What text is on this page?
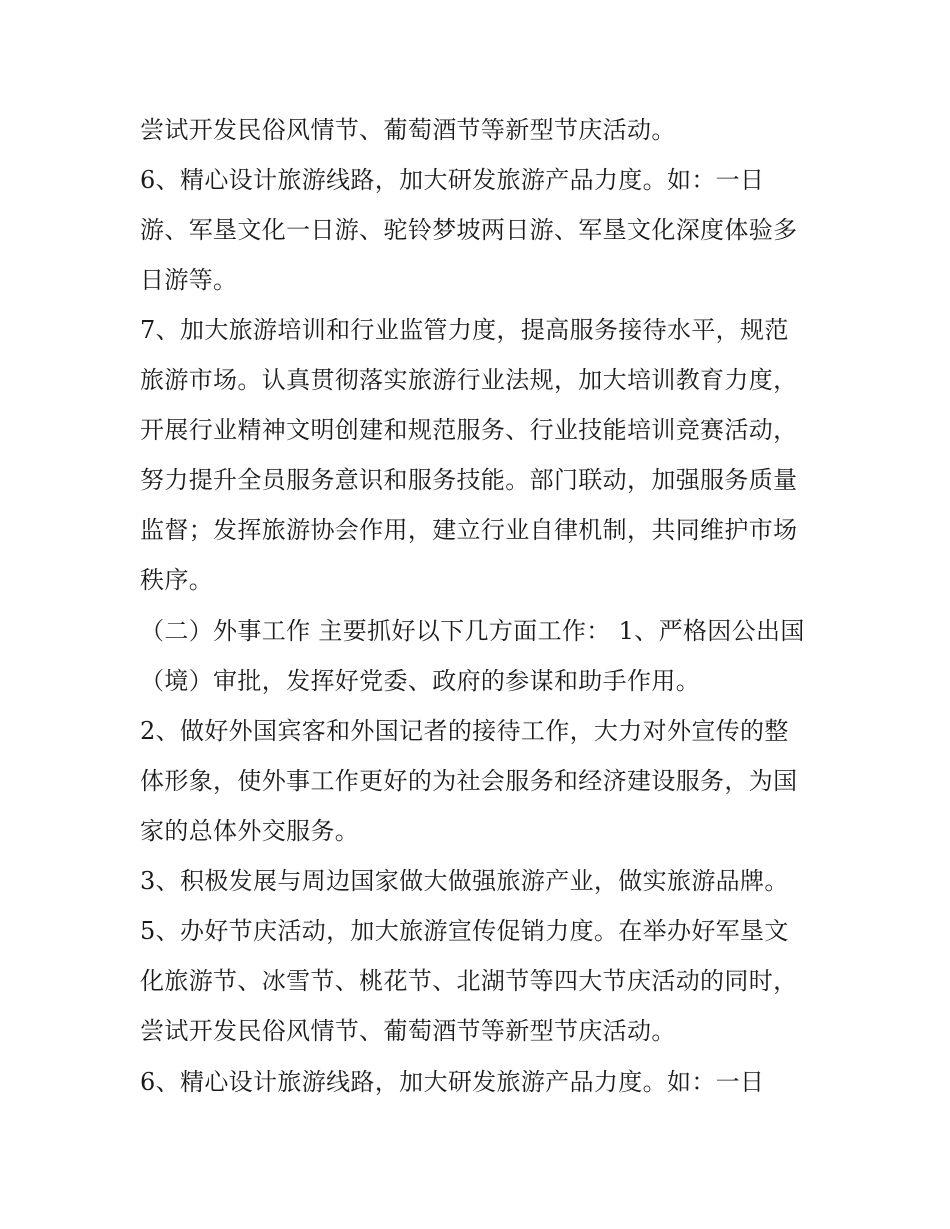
尝试开发民俗风情节、葡萄酒节等新型节庆活动。

6、精心设计旅游线路，加大研发旅游产品力度。如：一日

游、军垦文化一日游、驼铃梦坡两日游、军垦文化深度体验多

日游等。

7、加大旅游培训和行业监管力度，提高服务接待水平，规范

旅游市场。认真贯彻落实旅游行业法规，加大培训教育力度，

开展行业精神文明创建和规范服务、行业技能培训竞赛活动，

努力提升全员服务意识和服务技能。部门联动，加强服务质量

监督；发挥旅游协会作用，建立行业自律机制，共同维护市场

秩序。

（二）外事工作 主要抓好以下几方面工作： 1、严格因公出国

（境）审批，发挥好党委、政府的参谋和助手作用。

2、做好外国宾客和外国记者的接待工作，大力对外宣传的整

体形象，使外事工作更好的为社会服务和经济建设服务，为国

家的总体外交服务。

3、积极发展与周边国家做大做强旅游产业，做实旅游品牌。

5、办好节庆活动，加大旅游宣传促销力度。在举办好军垦文

化旅游节、冰雪节、桃花节、北湖节等四大节庆活动的同时，

尝试开发民俗风情节、葡萄酒节等新型节庆活动。

6、精心设计旅游线路，加大研发旅游产品力度。如：一日
